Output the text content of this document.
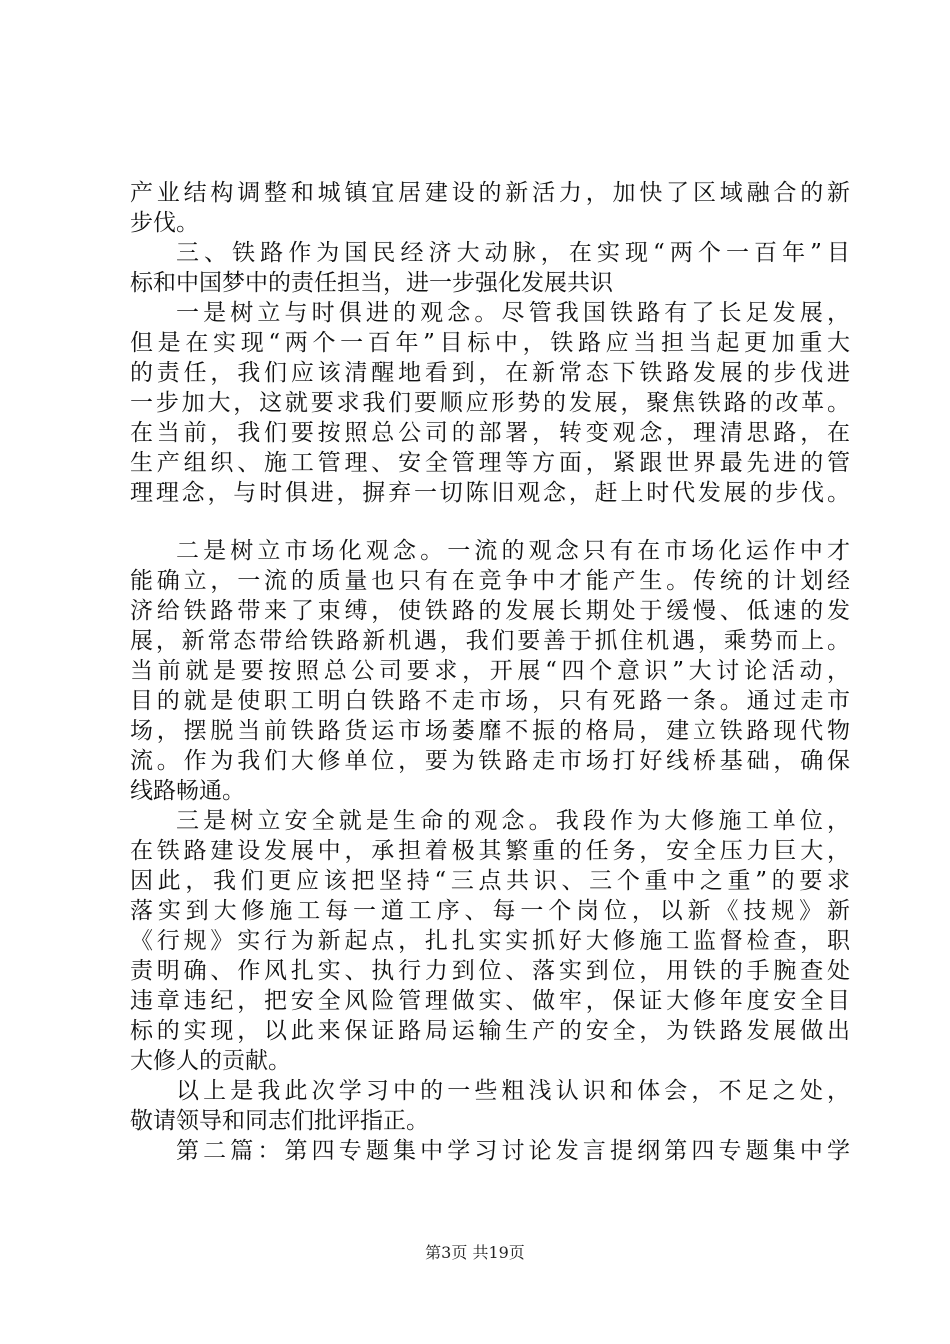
产业结构调整和城镇宜居建设的新活力，加快了区域融合的新
步伐。
三、铁路作为国民经济大动脉，在实现“两个一百年”目
标和中国梦中的责任担当，进一步强化发展共识
一是树立与时俱进的观念。尽管我国铁路有了长足发展，
但是在实现“两个一百年”目标中，铁路应当担当起更加重大
的责任，我们应该清醒地看到，在新常态下铁路发展的步伐进
一步加大，这就要求我们要顺应形势的发展，聚焦铁路的改革。
在当前，我们要按照总公司的部署，转变观念，理清思路，在
生产组织、施工管理、安全管理等方面，紧跟世界最先进的管
理理念，与时俱进，摒弃一切陈旧观念，赶上时代发展的步伐。
二是树立市场化观念。一流的观念只有在市场化运作中才
能确立，一流的质量也只有在竞争中才能产生。传统的计划经
济给铁路带来了束缚，使铁路的发展长期处于缓慢、低速的发
展，新常态带给铁路新机遇，我们要善于抓住机遇，乘势而上。
当前就是要按照总公司要求，开展“四个意识”大讨论活动，
目的就是使职工明白铁路不走市场，只有死路一条。通过走市
场，摆脱当前铁路货运市场萎靡不振的格局，建立铁路现代物
流。作为我们大修单位，要为铁路走市场打好线桥基础，确保
线路畅通。
三是树立安全就是生命的观念。我段作为大修施工单位，
在铁路建设发展中，承担着极其繁重的任务，安全压力巨大，
因此，我们更应该把坚持“三点共识、三个重中之重”的要求
落实到大修施工每一道工序、每一个岗位，以新《技规》新
《行规》实行为新起点，扎扎实实抓好大修施工监督检查，职
责明确、作风扎实、执行力到位、落实到位，用铁的手腕查处
违章违纪，把安全风险管理做实、做牢，保证大修年度安全目
标的实现，以此来保证路局运输生产的安全，为铁路发展做出
大修人的贡献。
以上是我此次学习中的一些粗浅认识和体会，不足之处，
敬请领导和同志们批评指正。
第二篇：第四专题集中学习讨论发言提纲第四专题集中学
第3页 共19页
